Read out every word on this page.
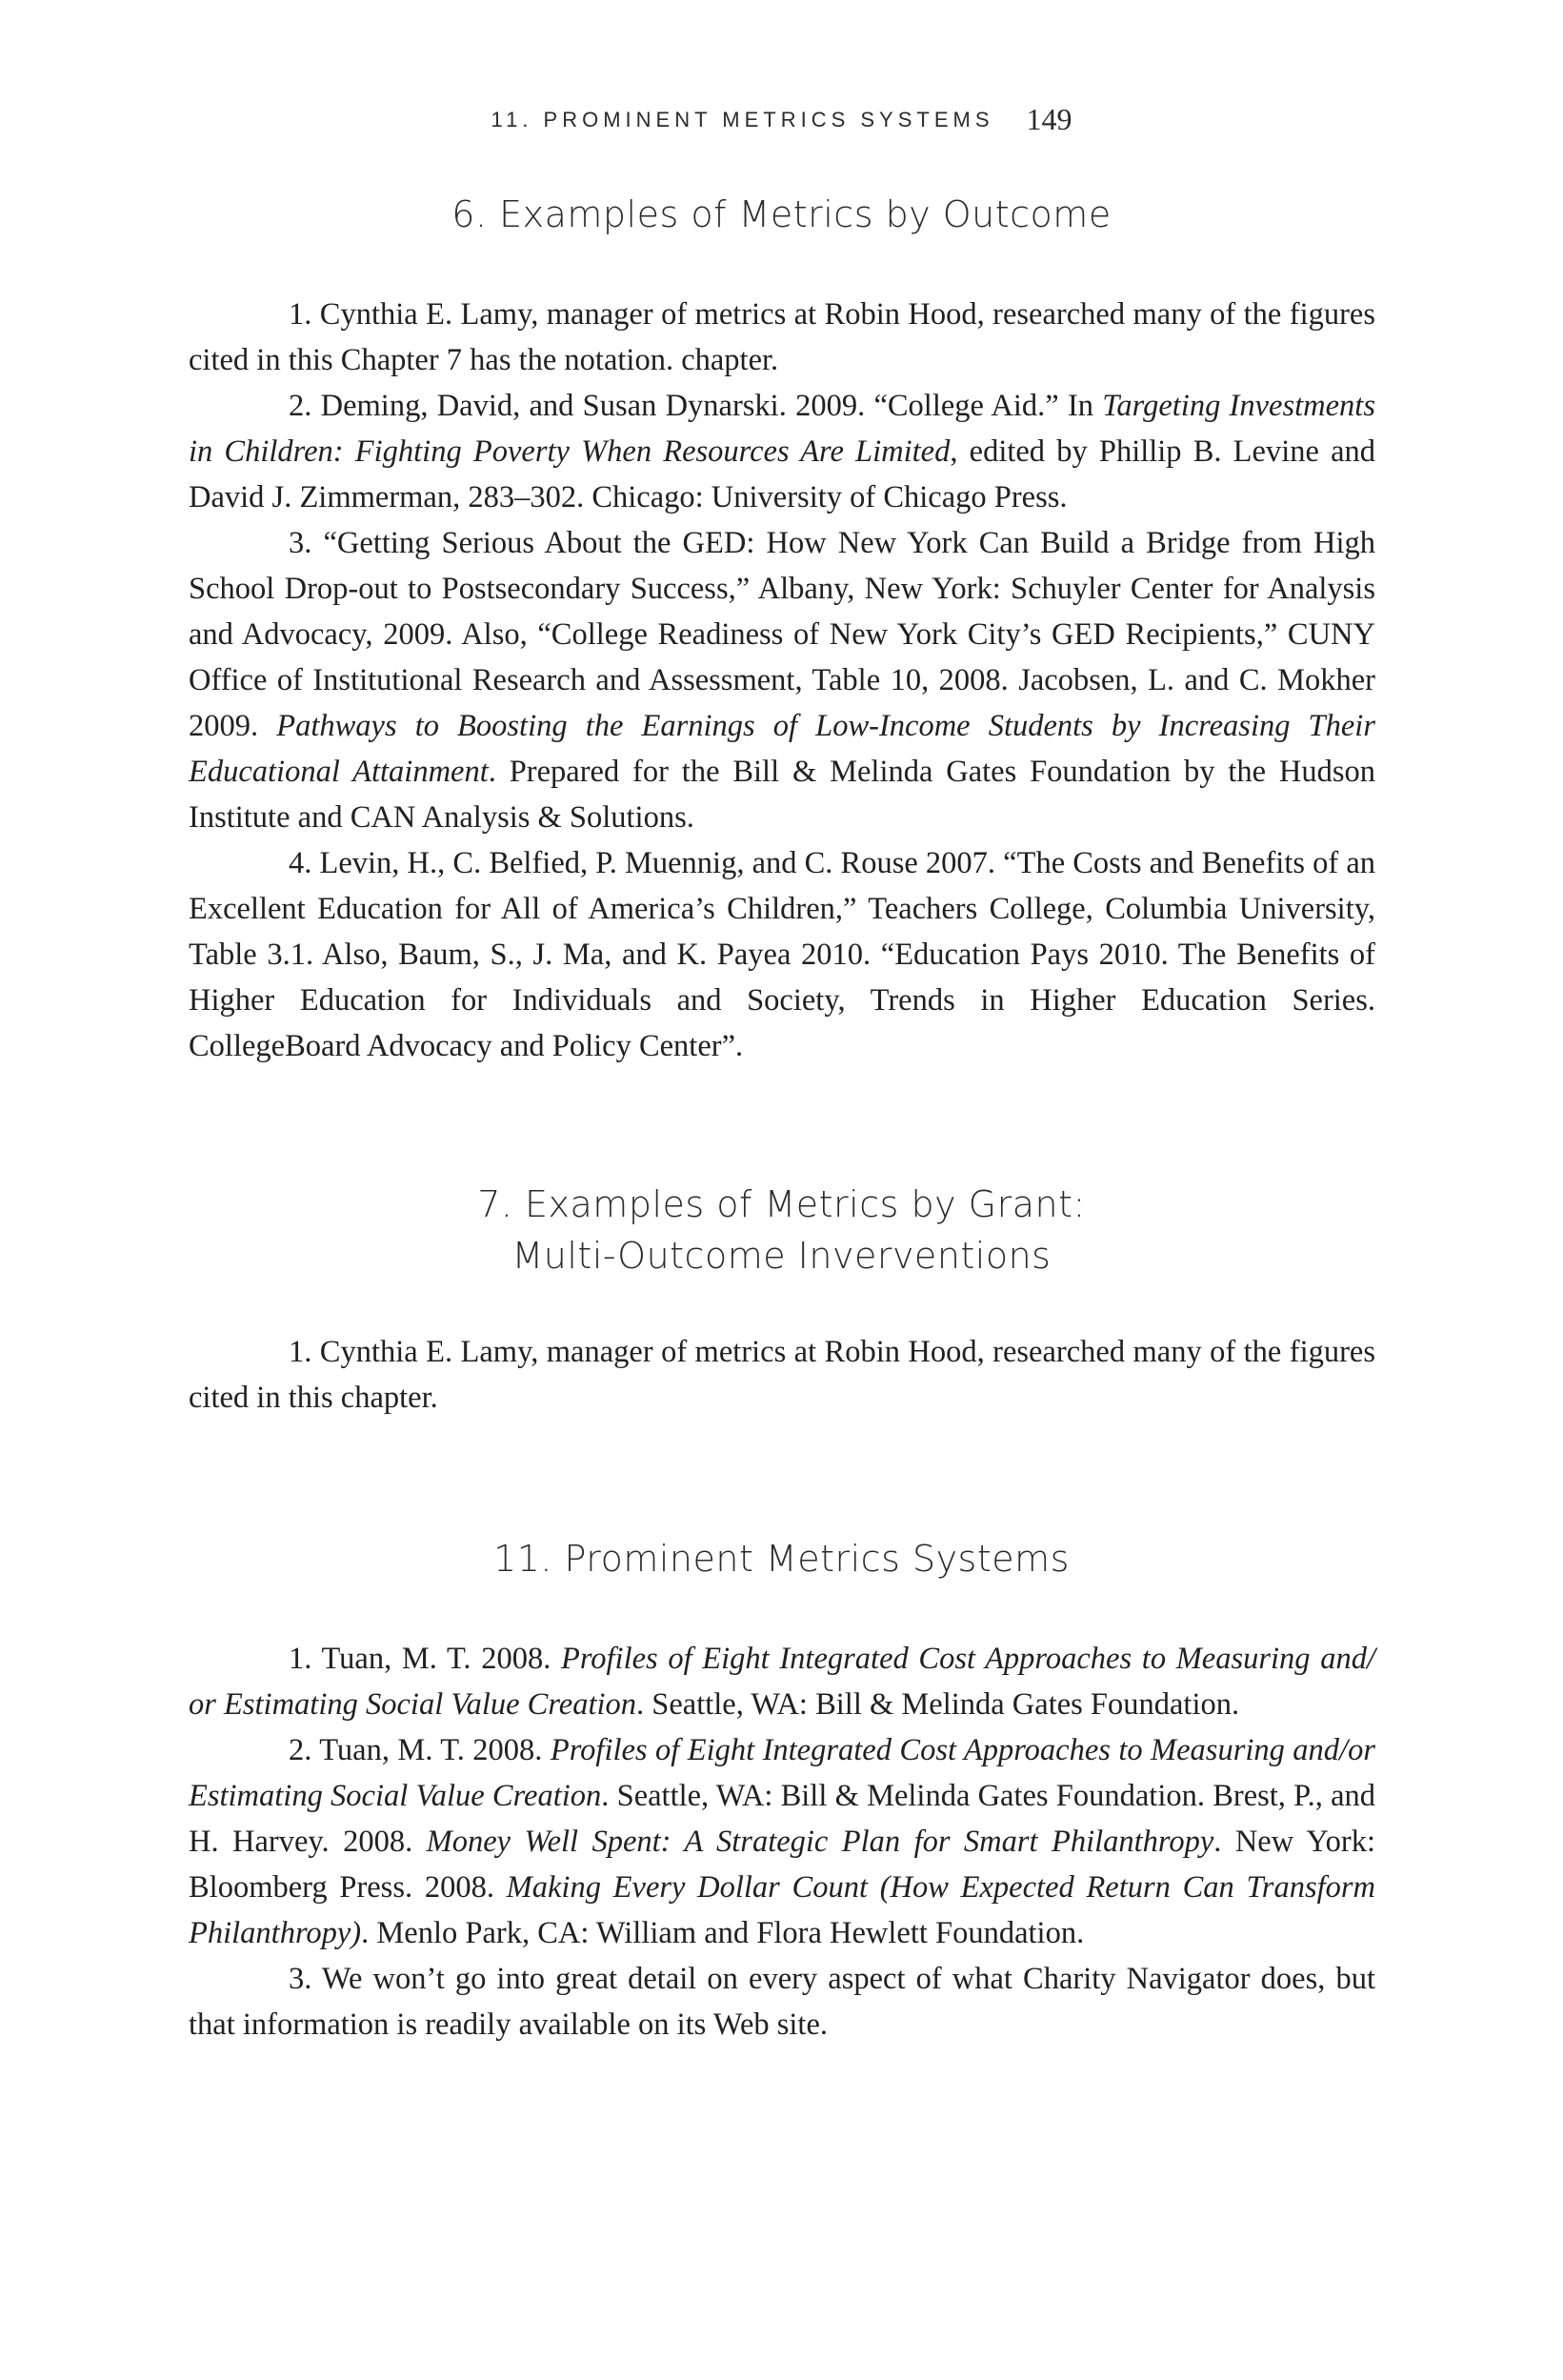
11. PROMINENT METRICS SYSTEMS 149
6. Examples of Metrics by Outcome

1. Cynthia E. Lamy, manager of metrics at Robin Hood, researched many of the figures cited in this Chapter 7 has the notation. chapter.

2. Deming, David, and Susan Dynarski. 2009. “College Aid.” In Targeting Investments in Children: Fighting Poverty When Resources Are Limited, edited by Phillip B. Levine and David J. Zimmerman, 283–302. Chicago: University of Chicago Press.

3. “Getting Serious About the GED: How New York Can Build a Bridge from High School Drop-out to Postsecondary Success,” Albany, New York: Schuyler Center for Analysis and Advocacy, 2009. Also, “College Readiness of New York City’s GED Recipients,” CUNY Office of Institutional Research and Assessment, Table 10, 2008. Jacobsen, L. and C. Mokher 2009. Pathways to Boosting the Earnings of Low-Income Students by Increasing Their Educational Attainment. Prepared for the Bill & Melinda Gates Foundation by the Hudson Institute and CAN Analysis & Solutions.

4. Levin, H., C. Belfied, P. Muennig, and C. Rouse 2007. “The Costs and Benefits of an Excellent Education for All of America’s Children,” Teachers College, Columbia University, Table 3.1. Also, Baum, S., J. Ma, and K. Payea 2010. “Education Pays 2010. The Benefits of Higher Education for Individuals and Society, Trends in Higher Education Series. CollegeBoard Advocacy and Policy Center”.

7. Examples of Metrics by Grant:
Multi-Outcome Inverventions

1. Cynthia E. Lamy, manager of metrics at Robin Hood, researched many of the figures cited in this chapter.

11. Prominent Metrics Systems

1. Tuan, M. T. 2008. Profiles of Eight Integrated Cost Approaches to Measuring and/ or Estimating Social Value Creation. Seattle, WA: Bill & Melinda Gates Foundation.

2. Tuan, M. T. 2008. Profiles of Eight Integrated Cost Approaches to Measuring and/or Estimating Social Value Creation. Seattle, WA: Bill & Melinda Gates Foundation. Brest, P., and H. Harvey. 2008. Money Well Spent: A Strategic Plan for Smart Philanthropy. New York: Bloomberg Press. 2008. Making Every Dollar Count (How Expected Return Can Transform Philanthropy). Menlo Park, CA: William and Flora Hewlett Foundation.

3. We won’t go into great detail on every aspect of what Charity Navigator does, but that information is readily available on its Web site.
